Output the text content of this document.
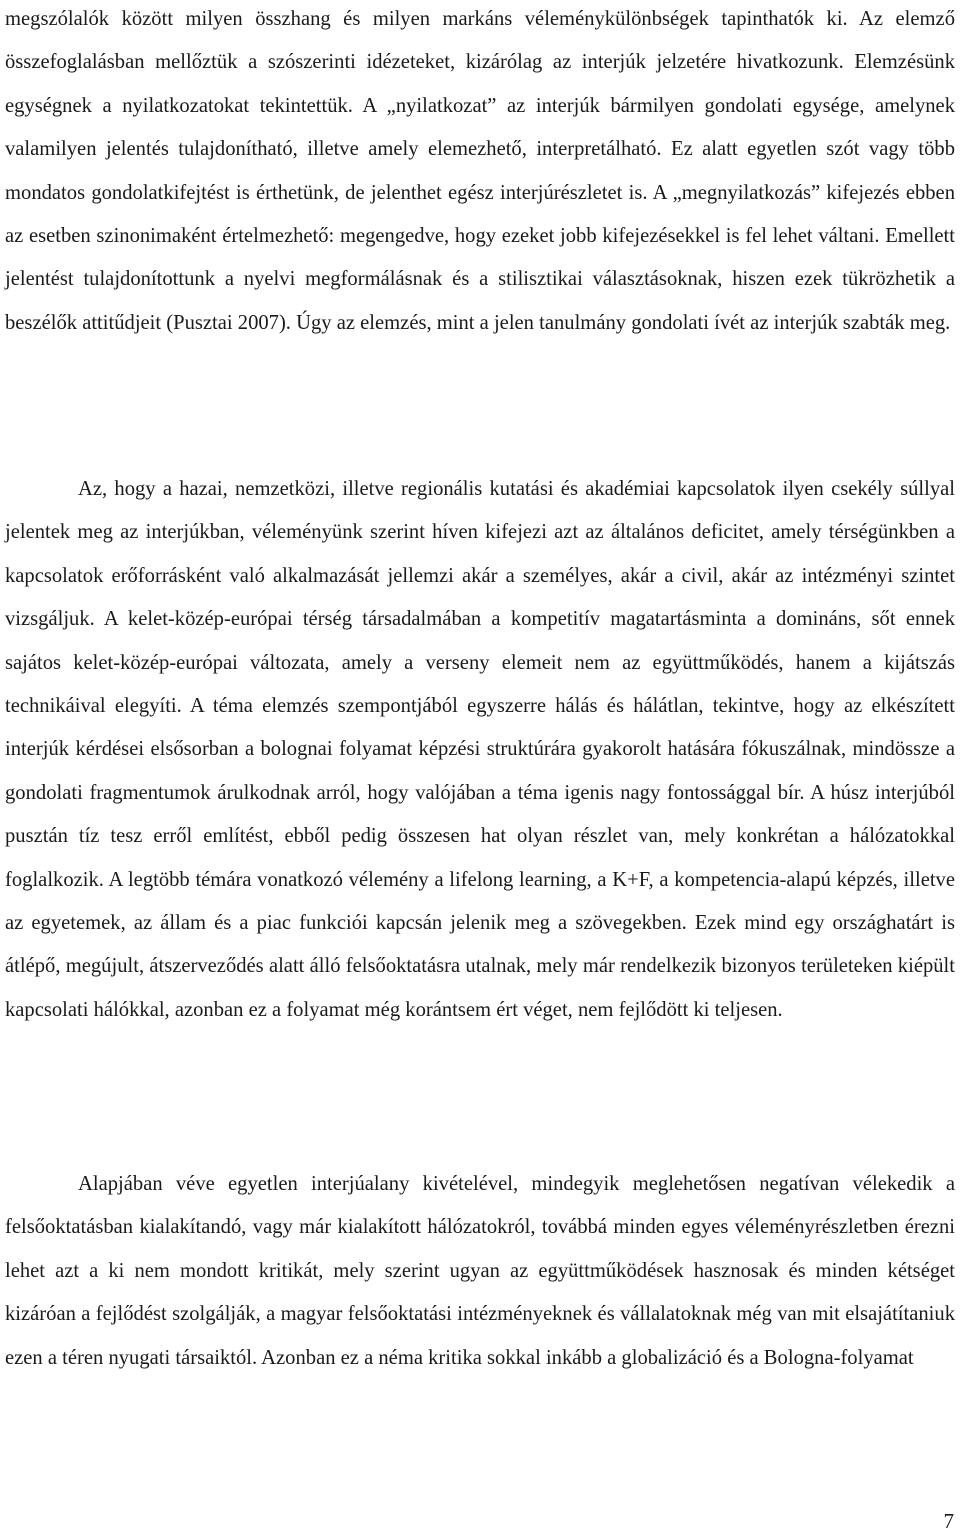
megszólalók között milyen összhang és milyen markáns véleménykülönbségek tapinthatók ki. Az elemző összefoglalásban mellőztük a szószerinti idézeteket, kizárólag az interjúk jelzetére hivatkozunk. Elemzésünk egységnek a nyilatkozatokat tekintettük. A „nyilatkozat” az interjúk bármilyen gondolati egysége, amelynek valamilyen jelentés tulajdonítható, illetve amely elemezhető, interpretálható. Ez alatt egyetlen szót vagy több mondatos gondolatkifejtést is érthetünk, de jelenthet egész interjúrészletet is. A „megnyilatkozás” kifejezés ebben az esetben szinonimaként értelmezhető: megengedve, hogy ezeket jobb kifejezésekkel is fel lehet váltani. Emellett jelentést tulajdonítottunk a nyelvi megformálásnak és a stilisztikai választásoknak, hiszen ezek tükrözhetik a beszélők attitűdjeit (Pusztai 2007). Úgy az elemzés, mint a jelen tanulmány gondolati ívét az interjúk szabták meg.

Az, hogy a hazai, nemzetközi, illetve regionális kutatási és akadémiai kapcsolatok ilyen csekély súllyal jelentek meg az interjúkban, véleményünk szerint híven kifejezi azt az általános deficitet, amely térségünkben a kapcsolatok erőforrásként való alkalmazását jellemzi akár a személyes, akár a civil, akár az intézményi szintet vizsgáljuk. A kelet-közép-európai térség társadalmában a kompetitív magatartásminta a domináns, sőt ennek sajátos kelet-közép-európai változata, amely a verseny elemeit nem az együttműködés, hanem a kijátszás technikáival elegyíti. A téma elemzés szempontjából egyszerre hálás és hálátlan, tekintve, hogy az elkészített interjúk kérdései elsősorban a bolognai folyamat képzési struktúrára gyakorolt hatására fókuszálnak, mindössze a gondolati fragmentumok árulkodnak arról, hogy valójában a téma igenis nagy fontossággal bír. A húsz interjúból pusztán tíz tesz erről említést, ebből pedig összesen hat olyan részlet van, mely konkrétan a hálózatokkal foglalkozik. A legtöbb témára vonatkozó vélemény a lifelong learning, a K+F, a kompetencia-alapú képzés, illetve az egyetemek, az állam és a piac funkciói kapcsán jelenik meg a szövegekben. Ezek mind egy országhatárt is átlépő, megújult, átszerveződés alatt álló felsőoktatásra utalnak, mely már rendelkezik bizonyos területeken kiépült kapcsolati hálókkal, azonban ez a folyamat még korántsem ért véget, nem fejlődött ki teljesen.

Alapjában véve egyetlen interjúalany kivételével, mindegyik meglehetősen negatívan vélekedik a felsőoktatásban kialakítandó, vagy már kialakított hálózatokról, továbbá minden egyes véleményrészletben érezni lehet azt a ki nem mondott kritikát, mely szerint ugyan az együttműködések hasznosak és minden kétséget kizáróan a fejlődést szolgálják, a magyar felsőoktatási intézményeknek és vállalatoknak még van mit elsajátítaniuk ezen a téren nyugati társaiktól. Azonban ez a néma kritika sokkal inkább a globalizáció és a Bologna-folyamat

7
